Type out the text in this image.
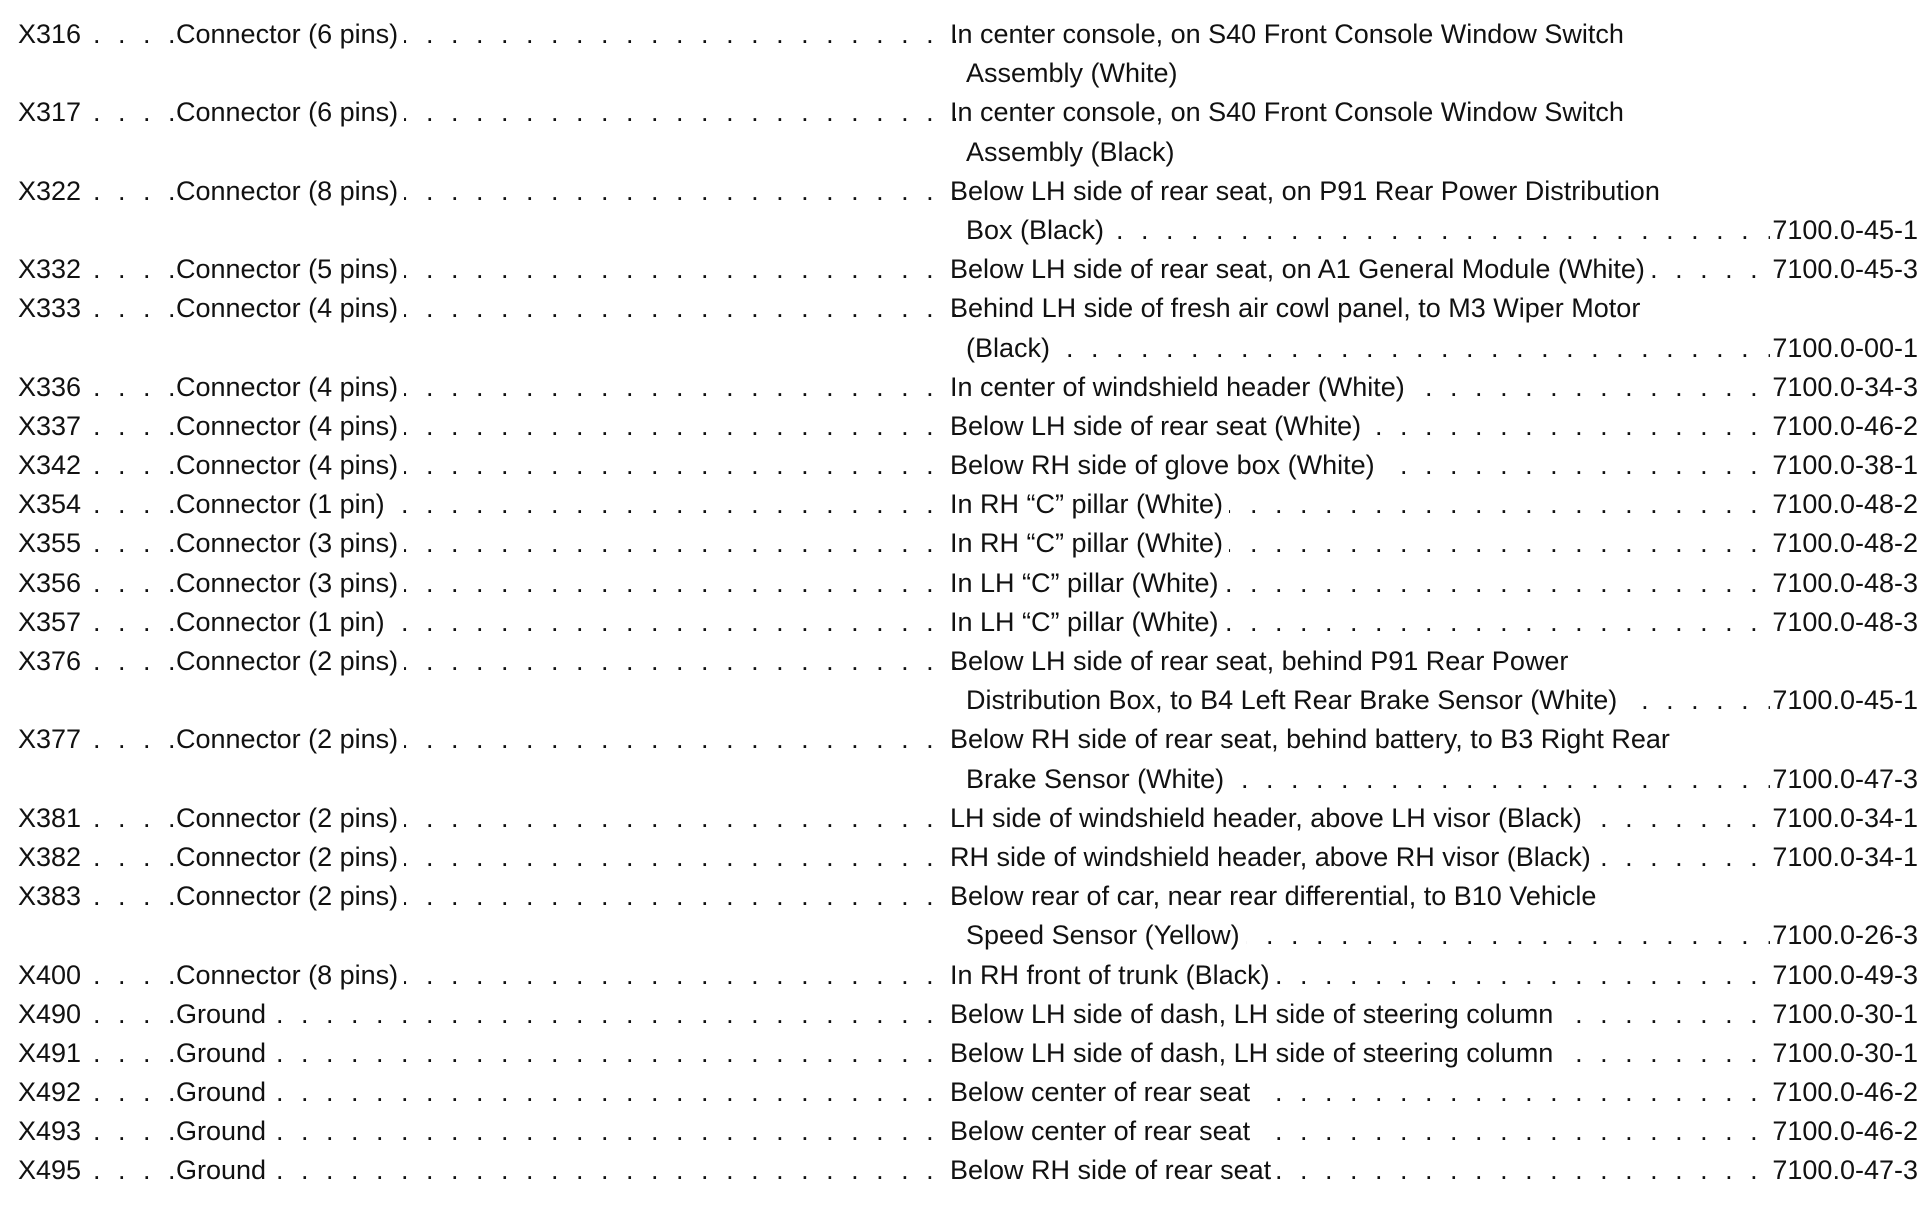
. . .
X316 . . .	Connector (6 pins)	In center console, on S40 Front Console Window Switch
Assembly (White)
. . .
X317 . . .	Connector (6 pins)	In center console, on S40 Front Console Window Switch
Assembly (Black)
. . .
X322 . . .	Connector (8 pins)	Below LH side of rear seat, on P91 Rear Power Distribution
. . .
Box (Black)	7100.0-45-1
. . .
X332 . . .	Connector (5 pins) . . .	Below LH side of rear seat, on A1 General Module (White)	7100.0-45-3
. . .
X333 . . .	Connector (4 pins)	Behind LH side of fresh air cowl panel, to M3 Wiper Motor
. . .
(Black)	7100.0-00-1
. . .
X336 . . .	Connector (4 pins) . . .	In center of windshield header (White)	7100.0-34-3
. . .
X337 . . .	Connector (4 pins) . . .	Below LH side of rear seat (White)	7100.0-46-2
. . .
X342 . . .	Connector (4 pins) . . .	Below RH side of glove box (White)	7100.0-38-1
. . .
X354 . . .	Connector (1 pin) . . .	In RH “C” pillar (White)	7100.0-48-2
. . .
X355 . . .	Connector (3 pins) . . .	In RH “C” pillar (White)	7100.0-48-2
. . .
X356 . . .	Connector (3 pins) . . .	In LH “C” pillar (White)	7100.0-48-3
. . .
X357 . . .	Connector (1 pin) . . .	In LH “C” pillar (White)	7100.0-48-3
. . .
X376 . . .	Connector (2 pins)	Below LH side of rear seat, behind P91 Rear Power
. . .
Distribution Box, to B4 Left Rear Brake Sensor (White)	7100.0-45-1
. . .
X377 . . .	Connector (2 pins)	Below RH side of rear seat, behind battery, to B3 Right Rear
. . .
Brake Sensor (White)	7100.0-47-3
. . .
X381 . . .	Connector (2 pins) . . .	LH side of windshield header, above LH visor (Black)	7100.0-34-1
. . .
X382 . . .	Connector (2 pins) . . .	RH side of windshield header, above RH visor (Black)	7100.0-34-1
. . .
X383 . . .	Connector (2 pins)	Below rear of car, near rear differential, to B10 Vehicle
. . .
Speed Sensor (Yellow)	7100.0-26-3
. . .
X400 . . .	Connector (8 pins) . . .	In RH front of trunk (Black)	7100.0-49-3
. . .
X490 . . .	Ground . . .	Below LH side of dash, LH side of steering column	7100.0-30-1
. . .
X491 . . .	Ground . . .	Below LH side of dash, LH side of steering column	7100.0-30-1
. . .
X492 . . .	Ground . . .	Below center of rear seat	7100.0-46-2
. . .
X493 . . .	Ground . . .	Below center of rear seat	7100.0-46-2
. . .
X495 . . .	Ground . . .	Below RH side of rear seat	7100.0-47-3
